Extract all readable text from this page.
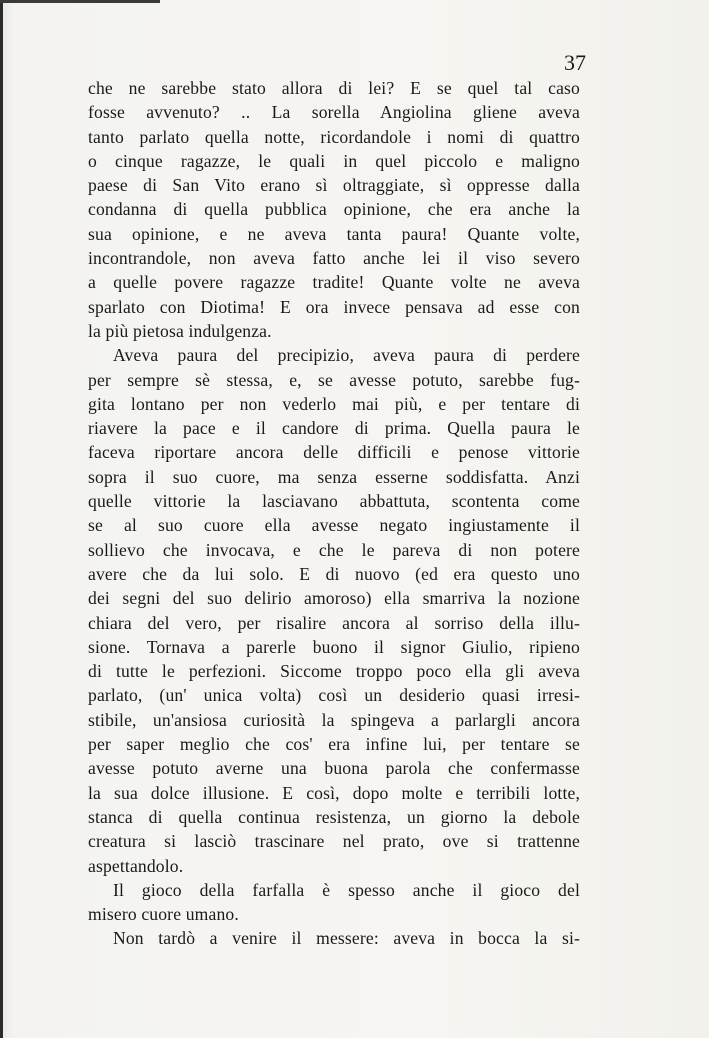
37
che ne sarebbe stato allora di lei? E se quel tal caso
fosse avvenuto? .. La sorella Angiolina gliene aveva
tanto parlato quella notte, ricordandole i nomi di quattro
o cinque ragazze, le quali in quel piccolo e maligno
paese di San Vito erano sì oltraggiate, sì oppresse dalla
condanna di quella pubblica opinione, che era anche la
sua opinione, e ne aveva tanta paura! Quante volte,
incontrandole, non aveva fatto anche lei il viso severo
a quelle povere ragazze tradite! Quante volte ne aveva
sparlato con Diotima! E ora invece pensava ad esse con
la più pietosa indulgenza.
Aveva paura del precipizio, aveva paura di perdere
per sempre sè stessa, e, se avesse potuto, sarebbe fug-
gita lontano per non vederlo mai più, e per tentare di
riavere la pace e il candore di prima. Quella paura le
faceva riportare ancora delle difficili e penose vittorie
sopra il suo cuore, ma senza esserne soddisfatta. Anzi
quelle vittorie la lasciavano abbattuta, scontenta come
se al suo cuore ella avesse negato ingiustamente il
sollievo che invocava, e che le pareva di non potere
avere che da lui solo. E di nuovo (ed era questo uno
dei segni del suo delirio amoroso) ella smarriva la nozione
chiara del vero, per risalire ancora al sorriso della illu-
sione. Tornava a parerle buono il signor Giulio, ripieno
di tutte le perfezioni. Siccome troppo poco ella gli aveva
parlato, (un' unica volta) così un desiderio quasi irresi-
stibile, un'ansiosa curiosità la spingeva a parlargli ancora
per saper meglio che cos' era infine lui, per tentare se
avesse potuto averne una buona parola che confermasse
la sua dolce illusione. E così, dopo molte e terribili lotte,
stanca di quella continua resistenza, un giorno la debole
creatura si lasciò trascinare nel prato, ove si trattenne
aspettandolo.
Il gioco della farfalla è spesso anche il gioco del
misero cuore umano.
Non tardò a venire il messere: aveva in bocca la si-
